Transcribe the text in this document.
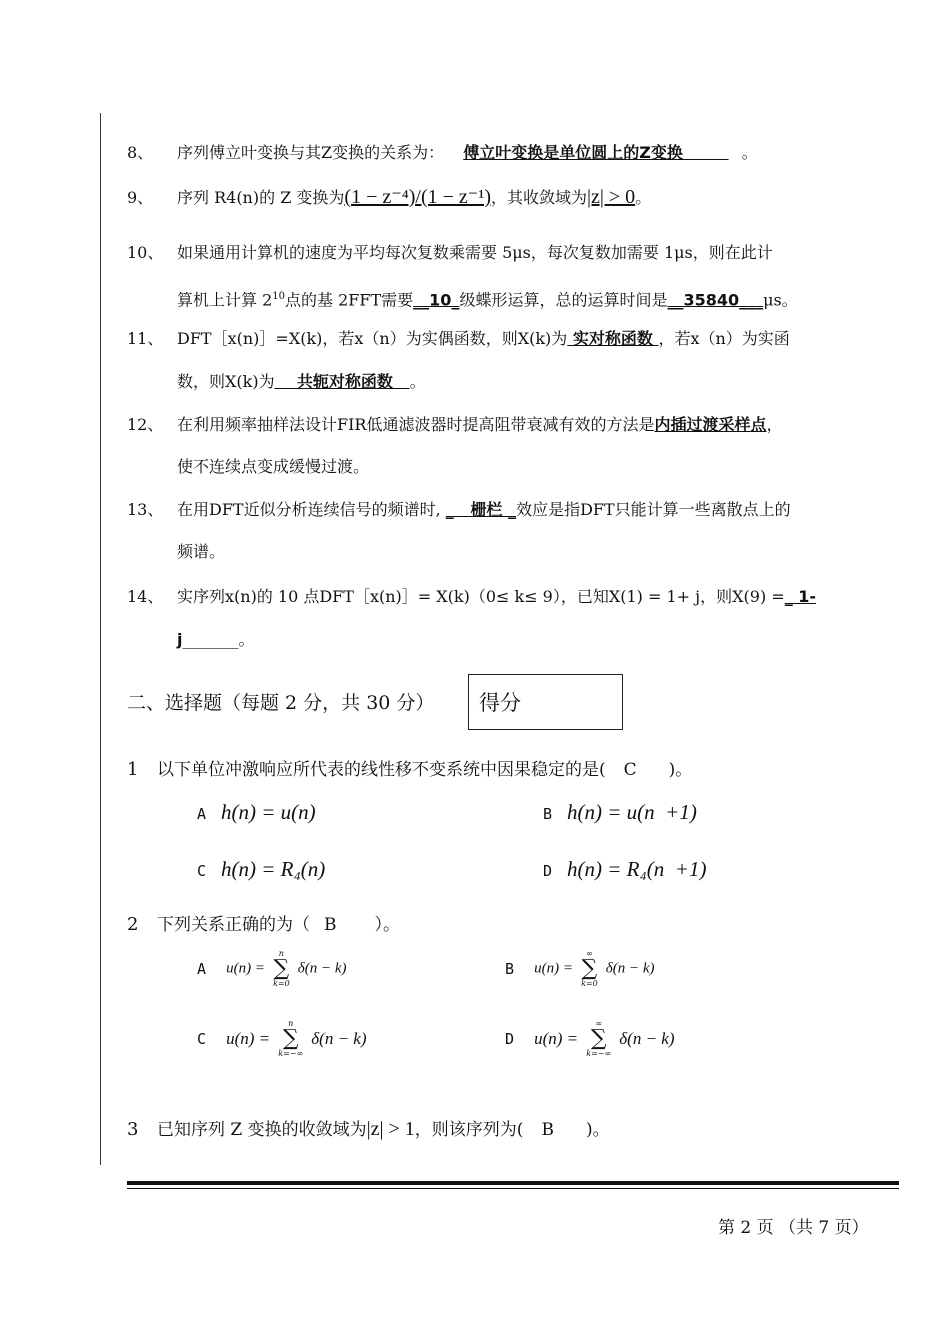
8、 序列傅立叶变换与其Z变换的关系为： 傅立叶变换是单位圆上的Z变换	。
9、 序列 R4(n)的 Z 变换为(1 − z⁻⁴)/(1 − z⁻¹)，其收敛域为|z| > 0。
10、 如果通用计算机的速度为平均每次复数乘需要 5μs，每次复数加需要 1μs，则在此计
算机上计算 $2^{10}$点的基 2FFT需要__10_级蝶形运算，总的运算时间是__35840___μs。
11、 DFT［x(n)］=X(k)，若x（n）为实偶函数，则X(k)为 实对称函数 ，若x（n）为实函
数，则X(k)为    共轭对称函数   。
12、 在利用频率抽样法设计FIR低通滤波器时提高阻带衰减有效的方法是内插过渡采样点，
使不连续点变成缓慢过渡。
13、 在用DFT近似分析连续信号的频谱时, _   栅栏 _效应是指DFT只能计算一些离散点上的
频谱。
14、 实序列x(n)的 10 点DFT［x(n)］= X(k)（0≤ k≤ 9），已知X(1) = 1+ j，则X(9) =_ 1-
j_______。
二、选择题（每题 2 分，共 30 分） 得分
1 以下单位冲激响应所代表的线性移不变系统中因果稳定的是( C )。
A h(n) = u(n)	B h(n) = u(n  +1)
C h(n) = R₄(n)	D h(n) = R₄(n  +1)
2 下列关系正确的为（ B ）。
A u(n) =
n
∑
k=0
δ(n − k)	B u(n) =
∞
∑
k=0
δ(n − k)
C u(n) =
n
∑
k=−∞
δ(n − k)	D u(n) =
∞
∑
k=−∞
δ(n − k)
3 已知序列 Z 变换的收敛域为|z| > 1，则该序列为( B )。
第 2 页 （共 7 页）
